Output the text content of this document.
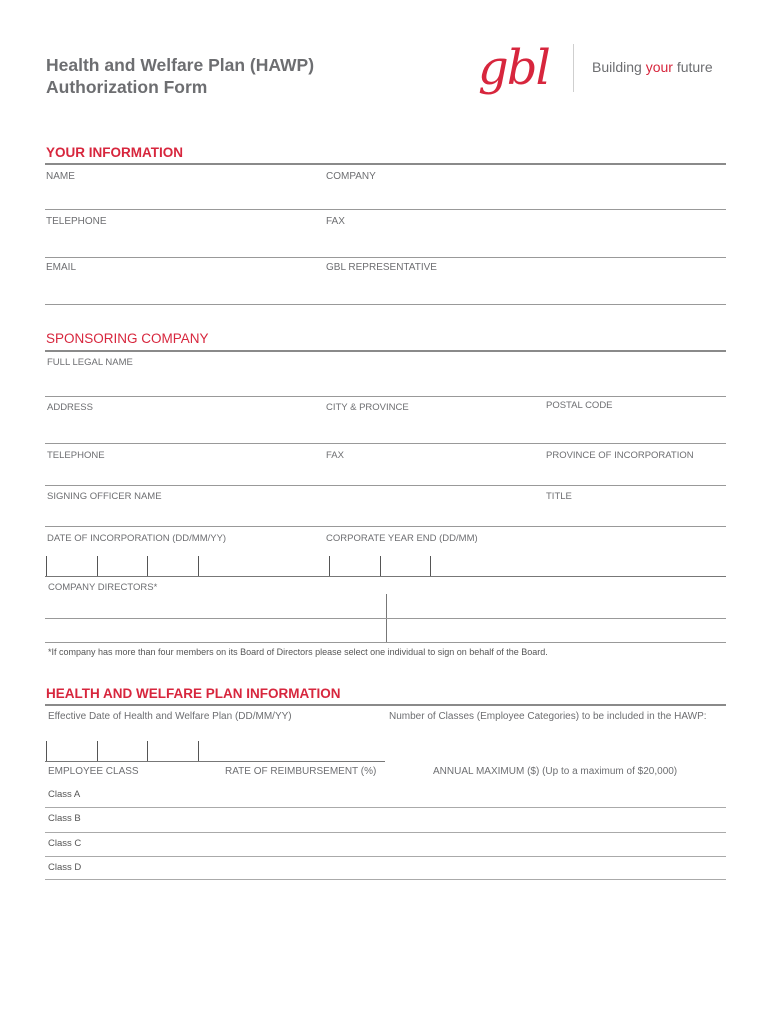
Health and Welfare Plan (HAWP)
Authorization Form	gbl	Building your future
YOUR INFORMATION
NAME	COMPANY
TELEPHONE	FAX
EMAIL	GBL REPRESENTATIVE
SPONSORING COMPANY
FULL LEGAL NAME
ADDRESS	CITY & PROVINCE	POSTAL CODE
TELEPHONE	FAX	PROVINCE OF INCORPORATION
SIGNING OFFICER NAME	TITLE
DATE OF INCORPORATION (DD/MM/YY)	CORPORATE YEAR END (DD/MM)
COMPANY DIRECTORS*
*If company has more than four members on its Board of Directors please select one individual to sign on behalf of the Board.
HEALTH AND WELFARE PLAN INFORMATION
Effective Date of Health and Welfare Plan (DD/MM/YY)	Number of Classes (Employee Categories) to be included in the HAWP:
EMPLOYEE CLASS	RATE OF REIMBURSEMENT (%)	ANNUAL MAXIMUM ($) (Up to a maximum of $20,000)
Class A
Class B
Class C
Class D
